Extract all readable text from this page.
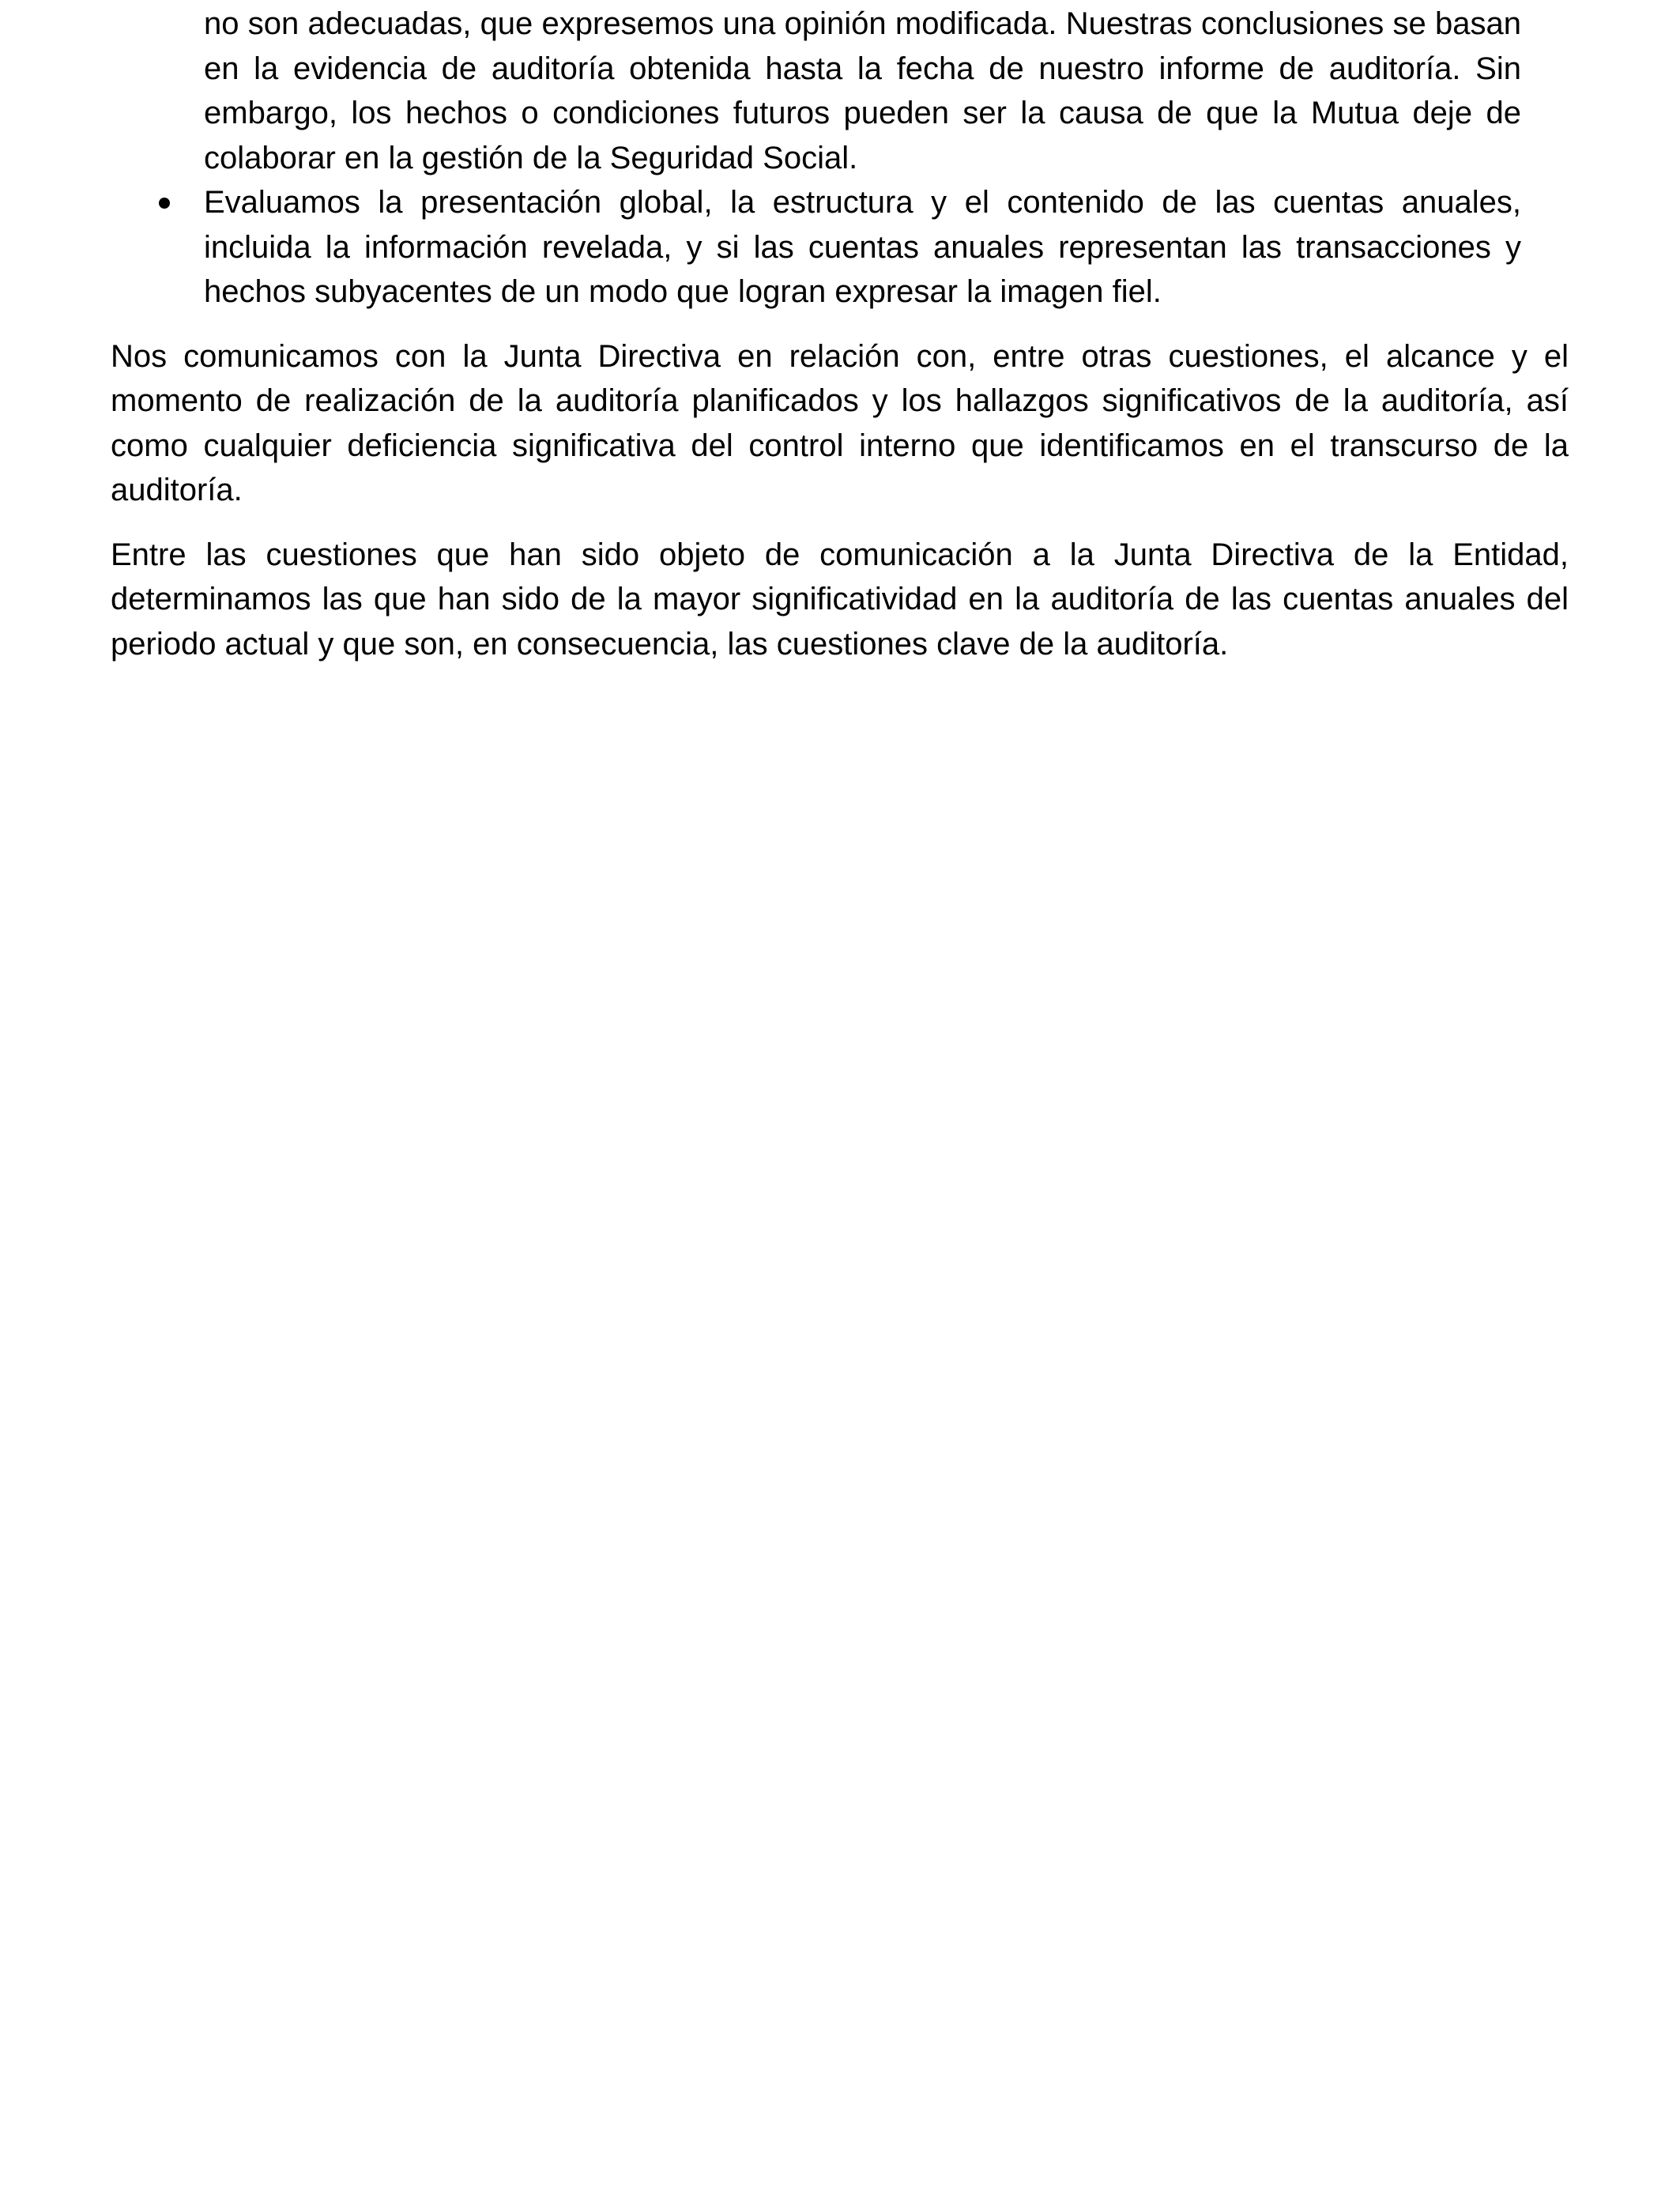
no son adecuadas, que expresemos una opinión modificada. Nuestras conclusiones se basan en la evidencia de auditoría obtenida hasta la fecha de nuestro informe de auditoría. Sin embargo, los hechos o condiciones futuros pueden ser la causa de que la Mutua deje de colaborar en la gestión de la Seguridad Social.
Evaluamos la presentación global, la estructura y el contenido de las cuentas anuales, incluida la información revelada, y si las cuentas anuales representan las transacciones y hechos subyacentes de un modo que logran expresar la imagen fiel.

Nos comunicamos con la Junta Directiva en relación con, entre otras cuestiones, el alcance y el momento de realización de la auditoría planificados y los hallazgos significativos de la auditoría, así como cualquier deficiencia significativa del control interno que identificamos en el transcurso de la auditoría.

Entre las cuestiones que han sido objeto de comunicación a la Junta Directiva de la Entidad, determinamos las que han sido de la mayor significatividad en la auditoría de las cuentas anuales del periodo actual y que son, en consecuencia, las cuestiones clave de la auditoría.
